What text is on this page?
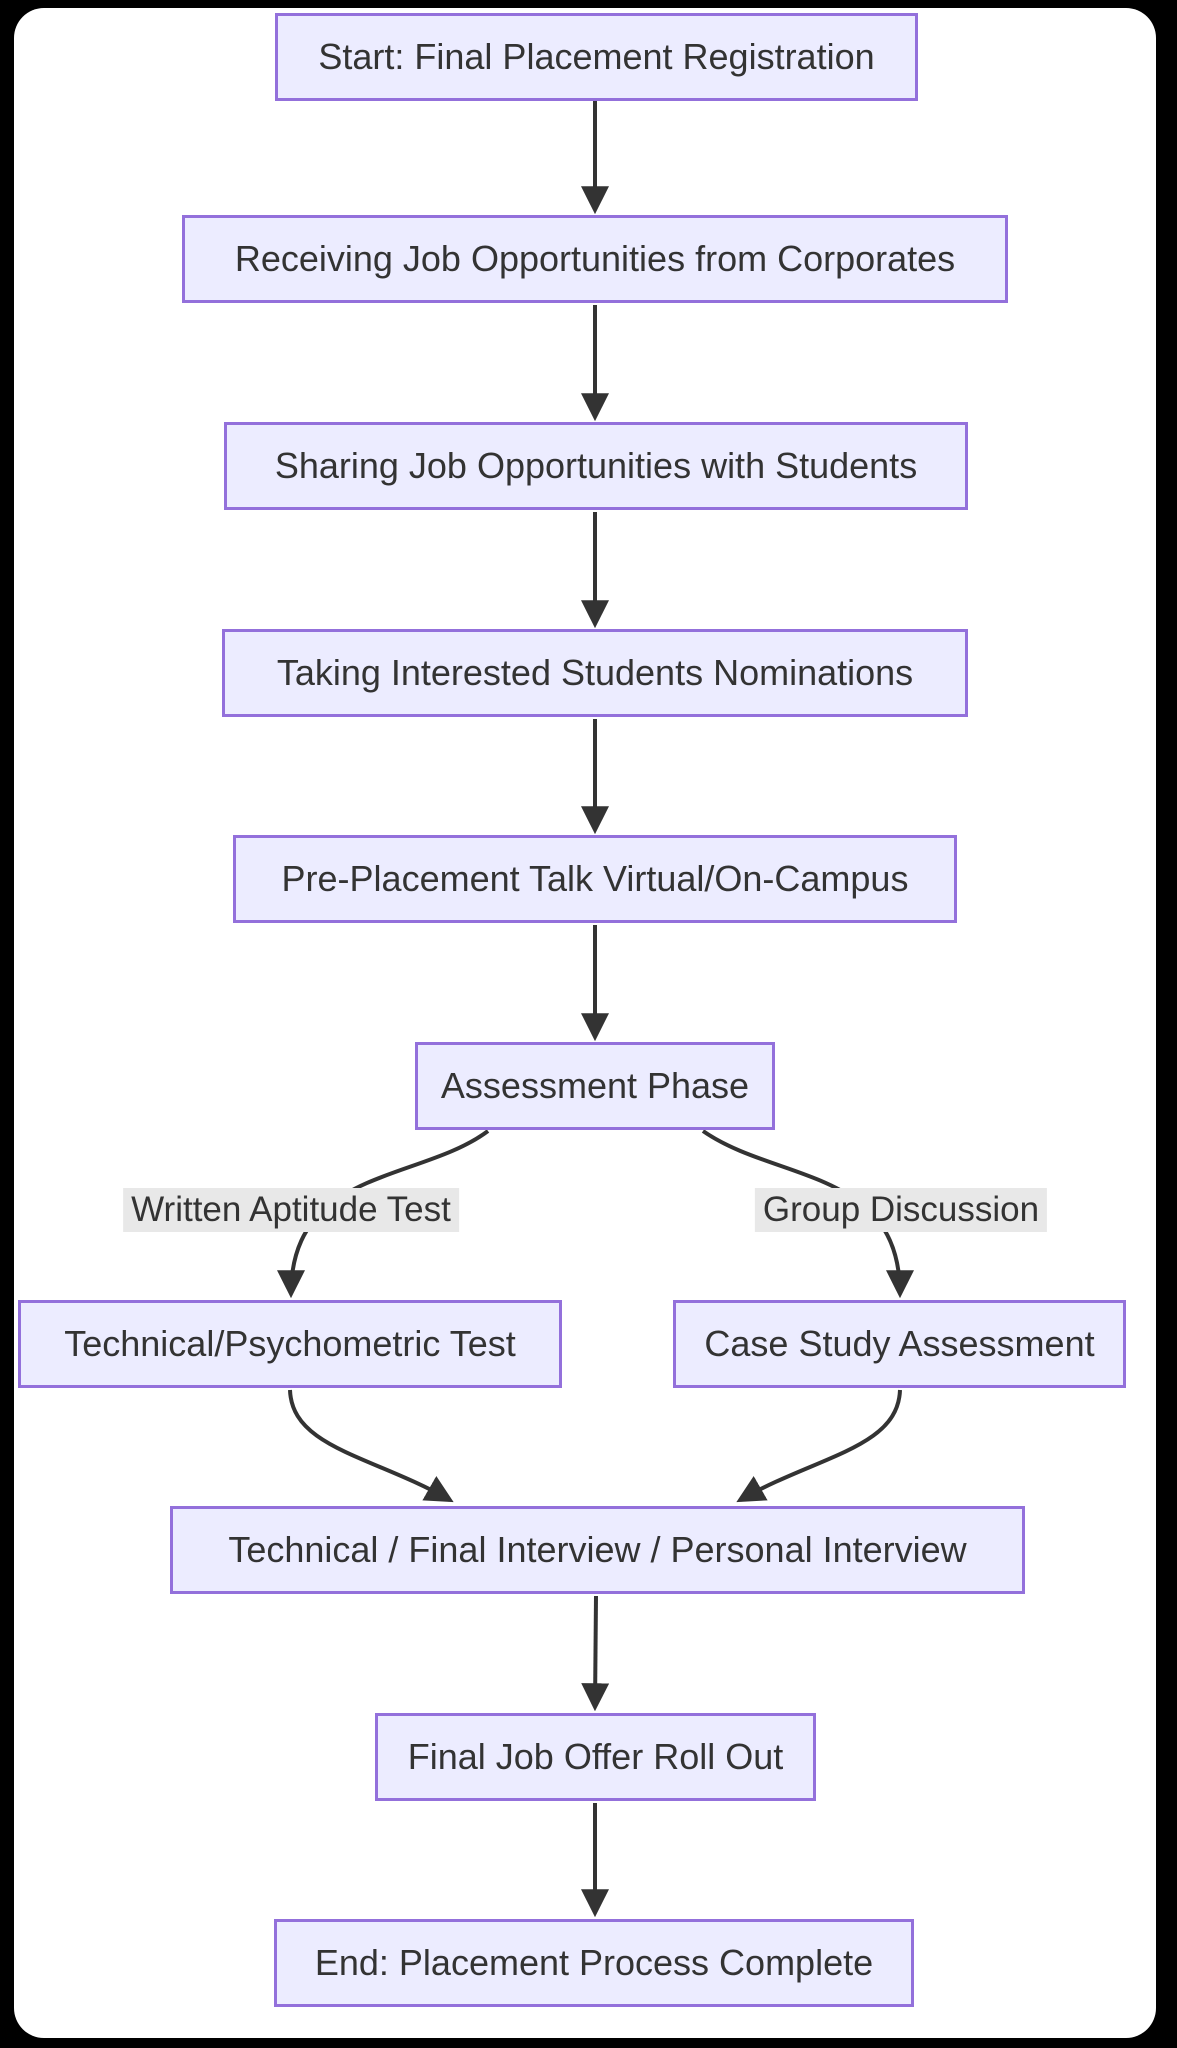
Start: Final Placement Registration
Receiving Job Opportunities from Corporates
Sharing Job Opportunities with Students
Taking Interested Students Nominations
Pre-Placement Talk Virtual/On-Campus
Assessment Phase
Technical/Psychometric Test	Case Study Assessment
Technical / Final Interview / Personal Interview
Final Job Offer Roll Out
End: Placement Process Complete
Written Aptitude Test	Group Discussion
